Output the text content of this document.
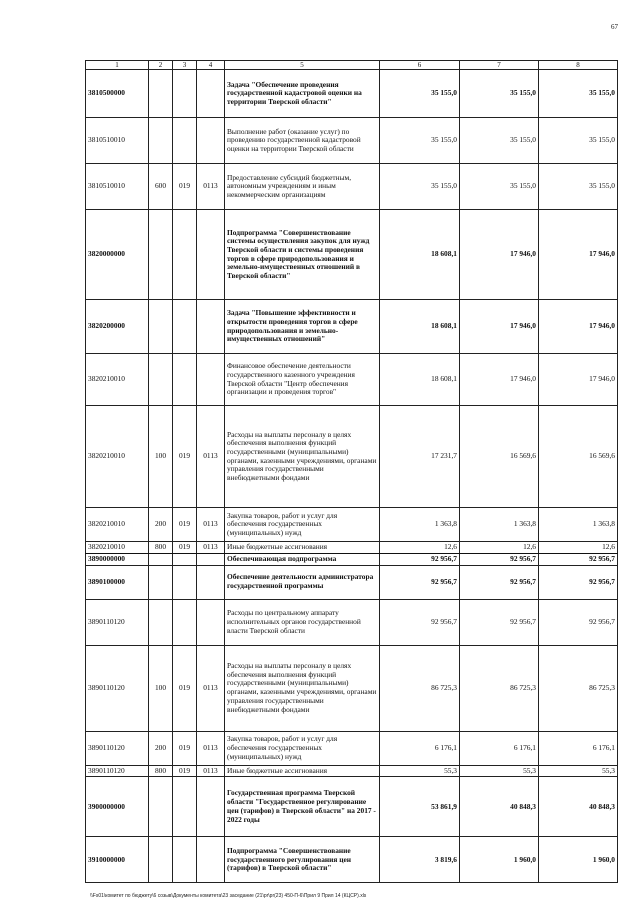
67
1	2	3	4	5	6	7	8
3810500000				Задача "Обеспечение проведения государственной кадастровой оценки на территории Тверской области"	35 155,0	35 155,0	35 155,0
3810510010				Выполнение работ (оказание услуг) по проведению государственной кадастровой оценки на территории Тверской области	35 155,0	35 155,0	35 155,0
3810510010	600	019	0113	Предоставление субсидий бюджетным, автономным учреждениям и иным некоммерческим организациям	35 155,0	35 155,0	35 155,0
3820000000				Подпрограмма "Совершенствование системы осуществления закупок для нужд Тверской области и системы проведения торгов в сфере природопользования и земельно-имущественных отношений в Тверской области"	18 608,1	17 946,0	17 946,0
3820200000				Задача "Повышение эффективности и открытости проведения торгов в сфере природопользования и земельно-имущественных отношений"	18 608,1	17 946,0	17 946,0
3820210010				Финансовое обеспечение деятельности государственного казенного учреждения Тверской области "Центр обеспечения организации и проведения торгов"	18 608,1	17 946,0	17 946,0
3820210010	100	019	0113	Расходы на выплаты персоналу в целях обеспечения выполнения функций государственными (муниципальными) органами, казенными учреждениями, органами управления государственными внебюджетными фондами	17 231,7	16 569,6	16 569,6
3820210010	200	019	0113	Закупка товаров, работ и услуг для обеспечения государственных (муниципальных) нужд	1 363,8	1 363,8	1 363,8
3820210010	800	019	0113	Иные бюджетные ассигнования	12,6	12,6	12,6
3890000000				Обеспечивающая подпрограмма	92 956,7	92 956,7	92 956,7
3890100000				Обеспечение деятельности администратора государственной программы	92 956,7	92 956,7	92 956,7
3890110120				Расходы по центральному аппарату исполнительных органов государственной власти Тверской области	92 956,7	92 956,7	92 956,7
3890110120	100	019	0113	Расходы на выплаты персоналу в целях обеспечения выполнения функций государственными (муниципальными) органами, казенными учреждениями, органами управления государственными внебюджетными фондами	86 725,3	86 725,3	86 725,3
3890110120	200	019	0113	Закупка товаров, работ и услуг для обеспечения государственных (муниципальных) нужд	6 176,1	6 176,1	6 176,1
3890110120	800	019	0113	Иные бюджетные ассигнования	55,3	55,3	55,3
3900000000				Государственная программа Тверской области "Государственное регулирование цен (тарифов) в Тверской области" на 2017 - 2022 годы	53 861,9	40 848,3	40 848,3
3910000000				Подпрограмма "Совершенствование государственного регулирования цен (тарифов) в Тверской области"	3 819,6	1 960,0	1 960,0
\\Fs01\комитет по бюджету\6 созыв\Документы комитета\23 заседание (21\pr\pr(23) 450-П-6\Прил 9 Прил 14 (КЦСР).xls
